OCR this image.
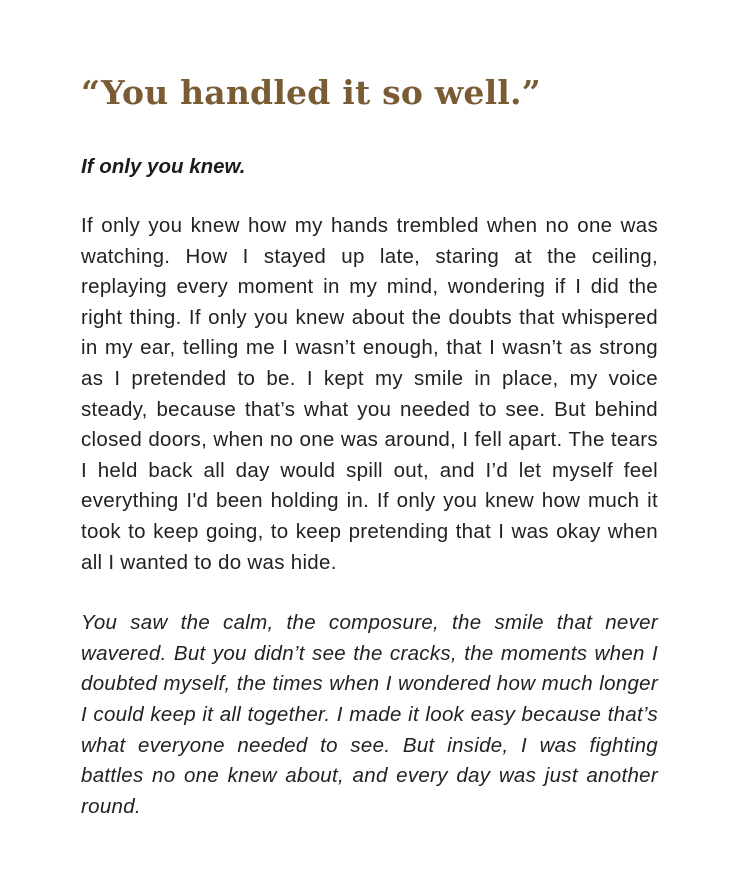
“You handled it so well.”

If only you knew.

If only you knew how my hands trembled when no one was watching. How I stayed up late, staring at the ceiling, replaying every moment in my mind, wondering if I did the right thing. If only you knew about the doubts that whispered in my ear, telling me I wasn’t enough, that I wasn’t as strong as I pretended to be. I kept my smile in place, my voice steady, because that’s what you needed to see. But behind closed doors, when no one was around, I fell apart. The tears I held back all day would spill out, and I’d let myself feel everything I'd been holding in. If only you knew how much it took to keep going, to keep pretending that I was okay when all I wanted to do was hide.

You saw the calm, the composure, the smile that never wavered. But you didn’t see the cracks, the moments when I doubted myself, the times when I wondered how much longer I could keep it all together. I made it look easy because that’s what everyone needed to see. But inside, I was fighting battles no one knew about, and every day was just another round.
